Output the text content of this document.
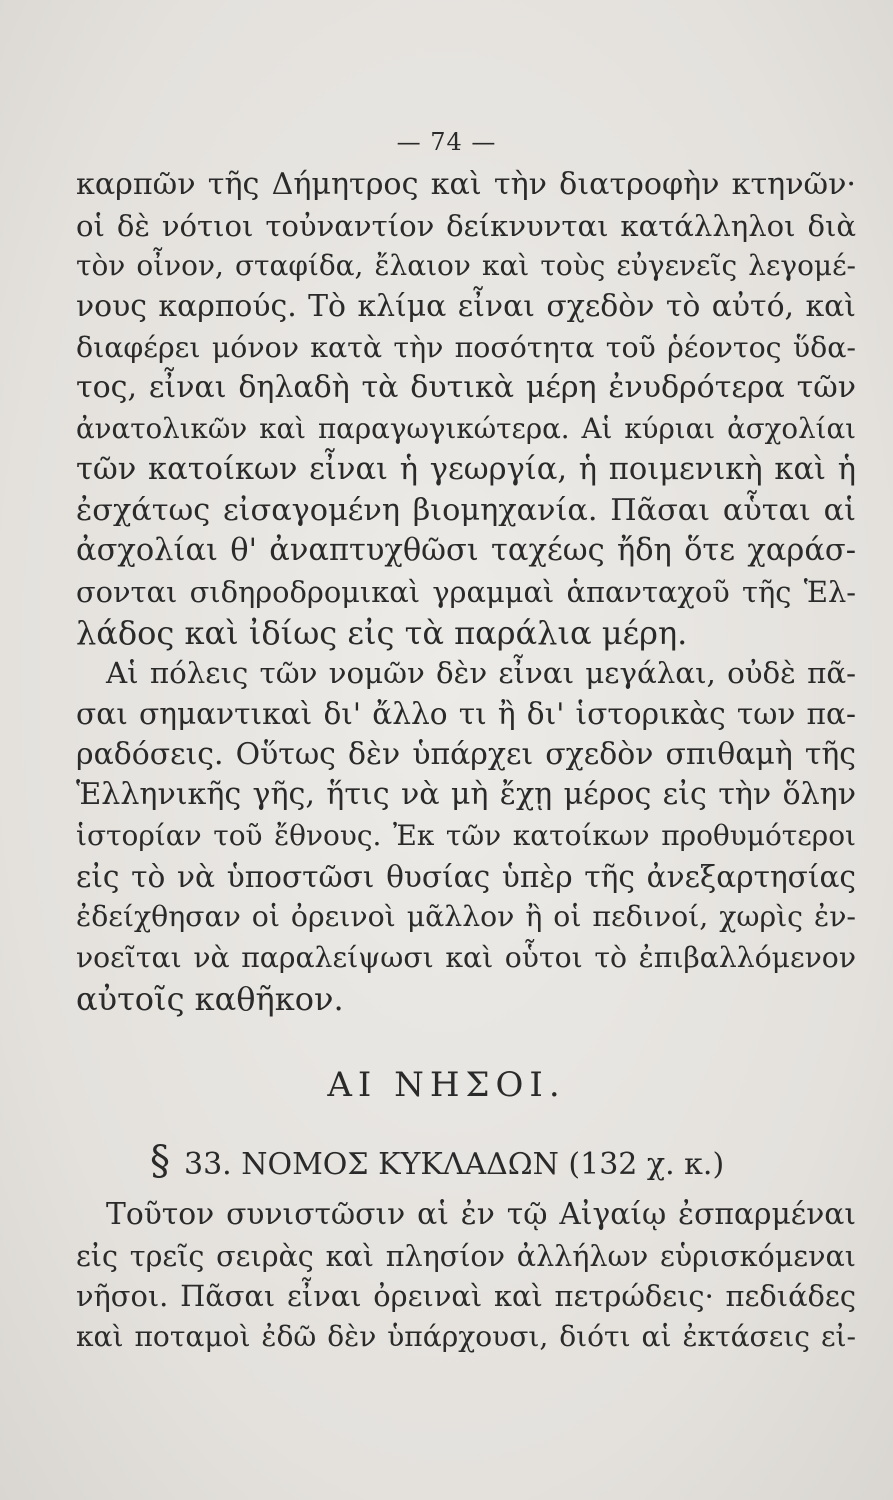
— 74 —
καρπῶν τῆς Δήμητρος καὶ τὴν διατροφὴν κτηνῶν·
οἱ δὲ νότιοι τοὐναντίον δείκνυνται κατάλληλοι διὰ
τὸν οἶνον, σταφίδα, ἔλαιον καὶ τοὺς εὐγενεῖς λεγομέ-
νους καρπούς. Τὸ κλίμα εἶναι σχεδὸν τὸ αὐτό, καὶ
διαφέρει μόνον κατὰ τὴν ποσότητα τοῦ ῥέοντος ὕδα-
τος, εἶναι δηλαδὴ τὰ δυτικὰ μέρη ἐνυδρότερα τῶν
ἀνατολικῶν καὶ παραγωγικώτερα. Αἱ κύριαι ἀσχολίαι
τῶν κατοίκων εἶναι ἡ γεωργία, ἡ ποιμενικὴ καὶ ἡ
ἐσχάτως εἰσαγομένη βιομηχανία. Πᾶσαι αὗται αἱ
ἀσχολίαι θ' ἀναπτυχθῶσι ταχέως ἤδη ὅτε χαράσ-
σονται σιδηροδρομικαὶ γραμμαὶ ἁπανταχοῦ τῆς Ἑλ-
λάδος καὶ ἰδίως εἰς τὰ παράλια μέρη.
Αἱ πόλεις τῶν νομῶν δὲν εἶναι μεγάλαι, οὐδὲ πᾶ-
σαι σημαντικαὶ δι' ἄλλο τι ἢ δι' ἱστορικὰς των πα-
ραδόσεις. Οὕτως δὲν ὑπάρχει σχεδὸν σπιθαμὴ τῆς
Ἑλληνικῆς γῆς, ἥτις νὰ μὴ ἔχῃ μέρος εἰς τὴν ὅλην
ἱστορίαν τοῦ ἔθνους. Ἐκ τῶν κατοίκων προθυμότεροι
εἰς τὸ νὰ ὑποστῶσι θυσίας ὑπὲρ τῆς ἀνεξαρτησίας
ἐδείχθησαν οἱ ὀρεινοὶ μᾶλλον ἢ οἱ πεδινοί, χωρὶς ἐν-
νοεῖται νὰ παραλείψωσι καὶ οὗτοι τὸ ἐπιβαλλόμενον
αὐτοῖς καθῆκον.
ΑΙ ΝΗΣΟΙ.
§ 33. ΝΟΜΟΣ ΚΥΚΛΑΔΩΝ (132 χ. κ.)
Τοῦτον συνιστῶσιν αἱ ἐν τῷ Αἰγαίῳ ἐσπαρμέναι
εἰς τρεῖς σειρὰς καὶ πλησίον ἀλλήλων εὑρισκόμεναι
νῆσοι. Πᾶσαι εἶναι ὀρειναὶ καὶ πετρώδεις· πεδιάδες
καὶ ποταμοὶ ἐδῶ δὲν ὑπάρχουσι, διότι αἱ ἐκτάσεις εἰ-
